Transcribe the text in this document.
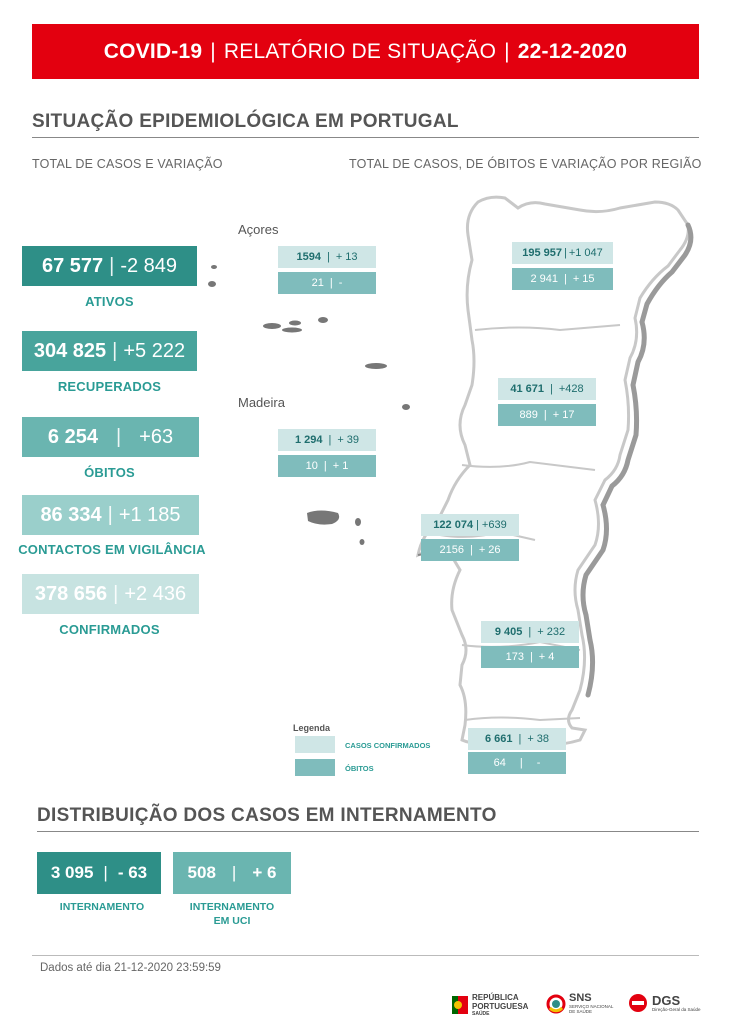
COVID-19 | RELATÓRIO DE SITUAÇÃO | 22-12-2020
SITUAÇÃO EPIDEMIOLÓGICA EM PORTUGAL
TOTAL DE CASOS E VARIAÇÃO	TOTAL DE CASOS, DE ÓBITOS E VARIAÇÃO POR REGIÃO
67 577 | -2 849
ATIVOS
304 825 | +5 222
RECUPERADOS
6 254 | +63
ÓBITOS
86 334 | +1 185
CONTACTOS EM VIGILÂNCIA
378 656 | +2 436
CONFIRMADOS
Açores
Madeira
1594 | + 13
21 | -
195 957 | +1 047
2 941 | + 15
41 671 | +428
889 | + 17
1 294 | + 39
10 | + 1
122 074 | +639
2156 | + 26
9 405 | + 232
173 | + 4
6 661 | + 38
64 | -
Legenda
CASOS CONFIRMADOS
ÓBITOS
DISTRIBUIÇÃO DOS CASOS EM INTERNAMENTO
3 095 | - 63
INTERNAMENTO
508 | + 6
INTERNAMENTO
EM UCI
Dados até dia 21-12-2020 23:59:59
REPÚBLICA
PORTUGUESA
SAÚDE
SNS
SERVIÇO NACIONAL
DE SAÚDE
DGS
Direção-Geral da Saúde
